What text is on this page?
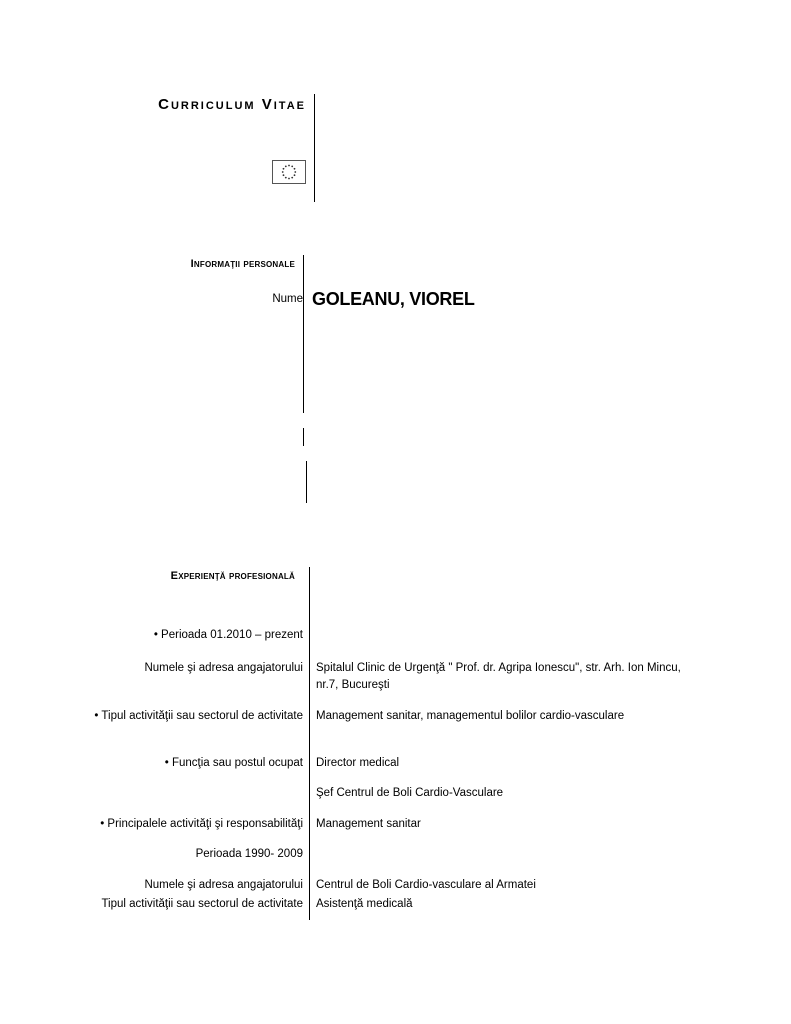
Curriculum Vitae
Informaţii personale
Nume GOLEANU, VIOREL
Experienţă profesională
• Perioada 01.2010 – prezent
Numele şi adresa angajatorului Spitalul Clinic de Urgenţă " Prof. dr. Agripa Ionescu", str. Arh. Ion Mincu, nr.7, Bucureşti
• Tipul activităţii sau sectorul de activitate Management sanitar, managementul bolilor cardio-vasculare
• Funcţia sau postul ocupat Director medical
Şef Centrul de Boli Cardio-Vasculare
• Principalele activităţi şi responsabilităţi Management sanitar
Perioada 1990- 2009
Numele şi adresa angajatorului Centrul de Boli Cardio-vasculare al Armatei
Tipul activităţii sau sectorul de activitate Asistenţă medicală
